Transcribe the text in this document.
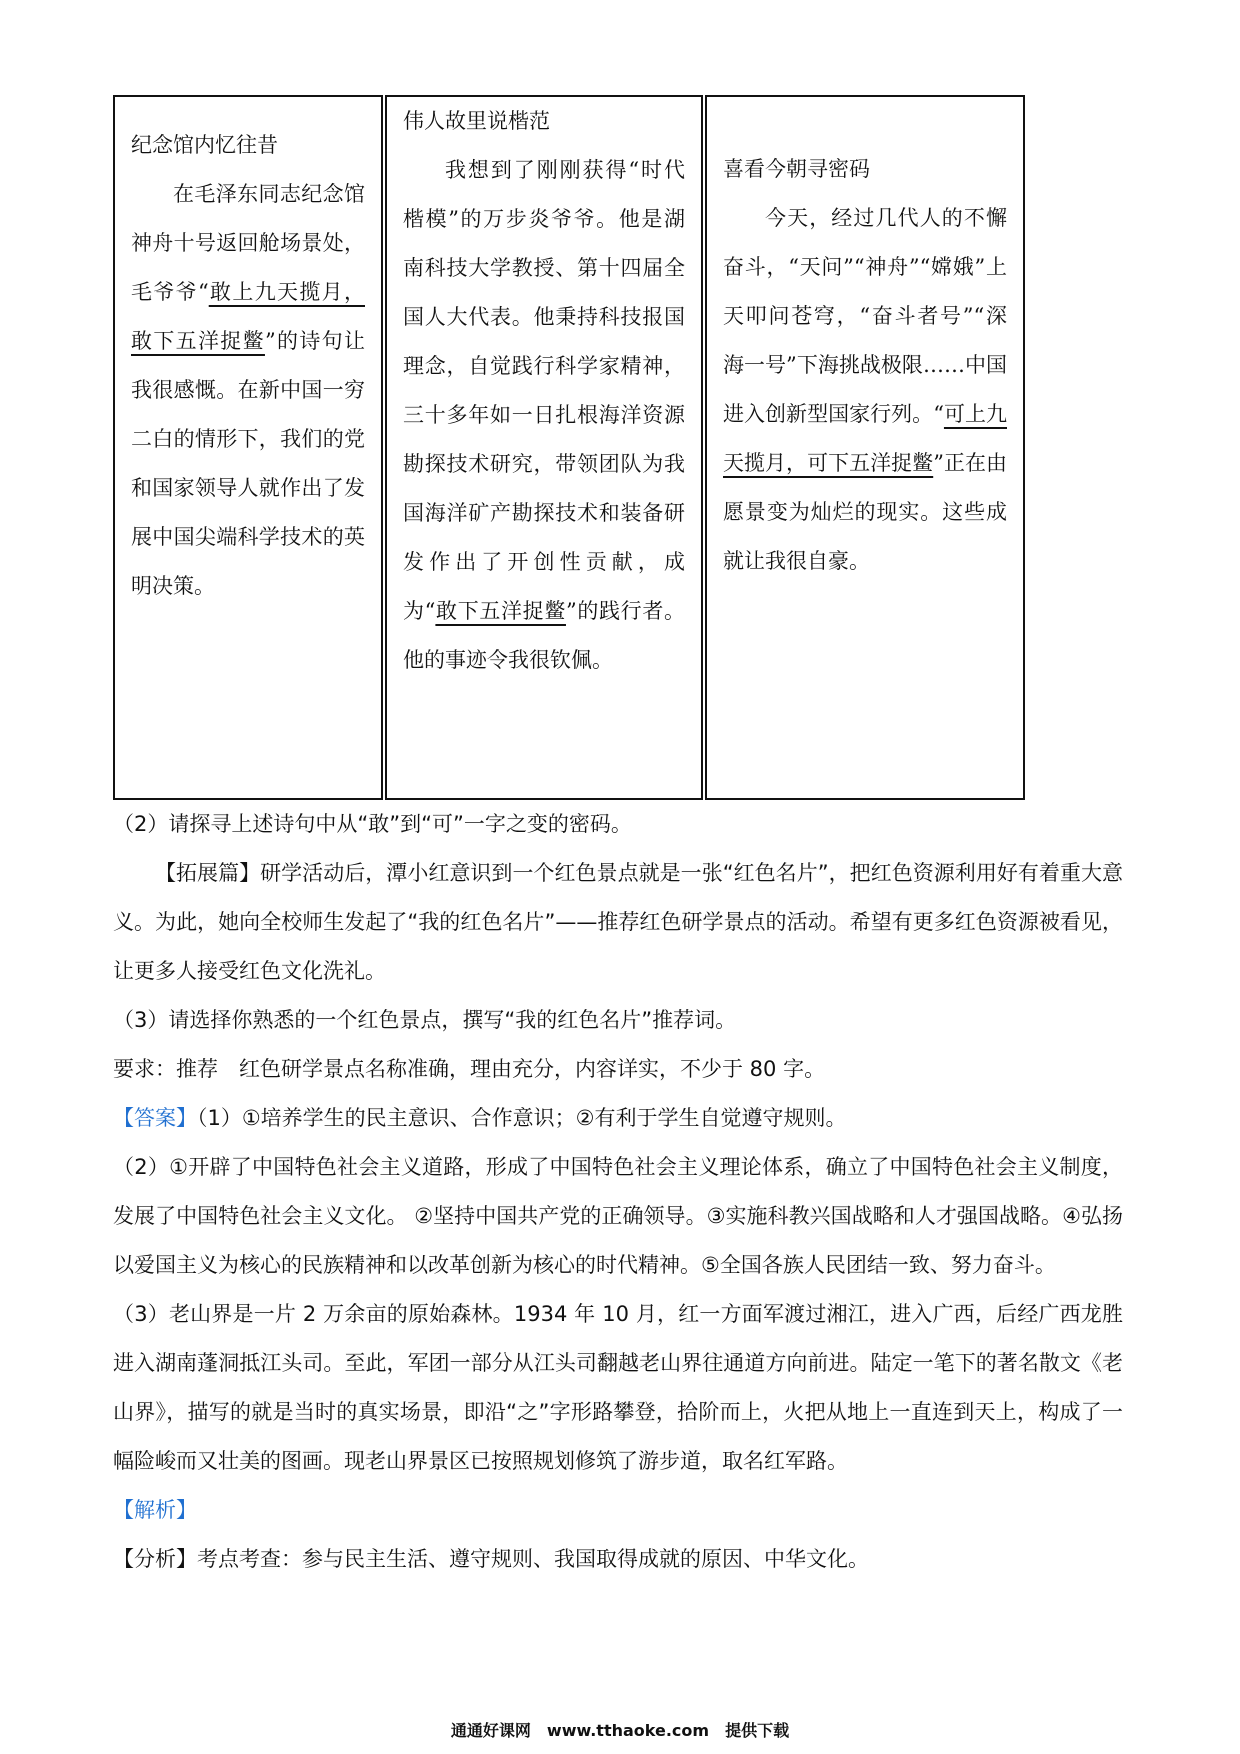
纪念馆内忆往昔

在毛泽东同志纪念馆神舟十号返回舱场景处，毛爷爷“敢上九天揽月，敢下五洋捉鳖”的诗句让我很感慨。在新中国一穷二白的情形下，我们的党和国家领导人就作出了发展中国尖端科学技术的英明决策。

伟人故里说楷范

我想到了刚刚获得“时代楷模”的万步炎爷爷。他是湖南科技大学教授、第十四届全国人大代表。他秉持科技报国理念，自觉践行科学家精神，三十多年如一日扎根海洋资源勘探技术研究，带领团队为我国海洋矿产勘探技术和装备研发作出了开创性贡献，成为“敢下五洋捉鳖”的践行者。他的事迹令我很钦佩。

喜看今朝寻密码

今天，经过几代人的不懈奋斗，“天问”“神舟”“嫦娥”上天叩问苍穹，“奋斗者号”“深海一号”下海挑战极限……中国进入创新型国家行列。“可上九天揽月，可下五洋捉鳖”正在由愿景变为灿烂的现实。这些成就让我很自豪。

（2）请探寻上述诗句中从“敢”到“可”一字之变的密码。

【拓展篇】研学活动后，潭小红意识到一个红色景点就是一张“红色名片”，把红色资源利用好有着重大意义。为此，她向全校师生发起了“我的红色名片”——推荐红色研学景点的活动。希望有更多红色资源被看见，让更多人接受红色文化洗礼。

（3）请选择你熟悉的一个红色景点，撰写“我的红色名片”推荐词。

要求：推荐　红色研学景点名称准确，理由充分，内容详实，不少于 80 字。

【答案】（1）①培养学生的民主意识、合作意识；②有利于学生自觉遵守规则。

（2）①开辟了中国特色社会主义道路，形成了中国特色社会主义理论体系，确立了中国特色社会主义制度，发展了中国特色社会主义文化。 ②坚持中国共产党的正确领导。③实施科教兴国战略和人才强国战略。④弘扬以爱国主义为核心的民族精神和以改革创新为核心的时代精神。⑤全国各族人民团结一致、努力奋斗。

（3）老山界是一片 2 万余亩的原始森林。1934 年 10 月，红一方面军渡过湘江，进入广西，后经广西龙胜进入湖南蓬洞抵江头司。至此，军团一部分从江头司翻越老山界往通道方向前进。陆定一笔下的著名散文《老山界》，描写的就是当时的真实场景，即沿“之”字形路攀登，拾阶而上，火把从地上一直连到天上，构成了一幅险峻而又壮美的图画。现老山界景区已按照规划修筑了游步道，取名红军路。

【解析】

【分析】考点考查：参与民主生活、遵守规则、我国取得成就的原因、中华文化。

通通好课网　www.tthaoke.com　提供下载
